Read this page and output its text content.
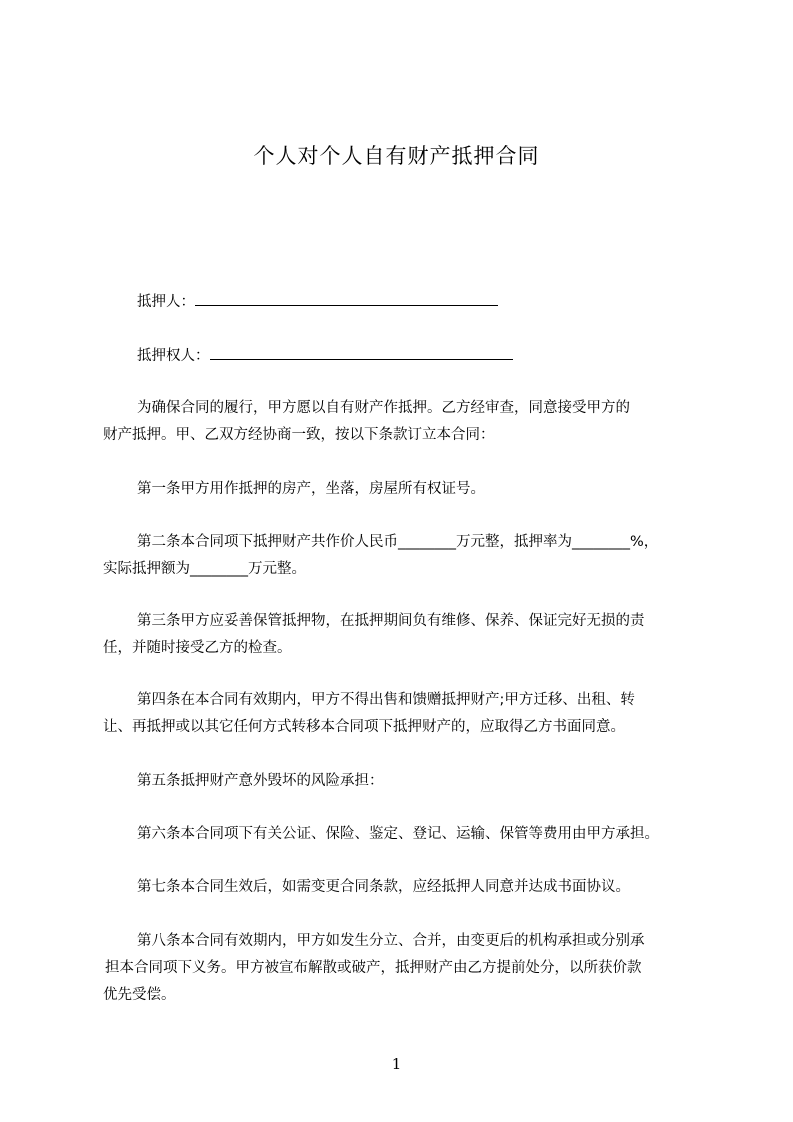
个人对个人自有财产抵押合同
抵押人：
抵押权人：
为确保合同的履行，甲方愿以自有财产作抵押。乙方经审查，同意接受甲方的
财产抵押。甲、乙双方经协商一致，按以下条款订立本合同：
第一条甲方用作抵押的房产，坐落，房屋所有权证号。
第二条本合同项下抵押财产共作价人民币________万元整，抵押率为________%，
实际抵押额为________万元整。
第三条甲方应妥善保管抵押物，在抵押期间负有维修、保养、保证完好无损的责
任，并随时接受乙方的检查。
第四条在本合同有效期内，甲方不得出售和馈赠抵押财产;甲方迁移、出租、转
让、再抵押或以其它任何方式转移本合同项下抵押财产的，应取得乙方书面同意。
第五条抵押财产意外毁坏的风险承担：
第六条本合同项下有关公证、保险、鉴定、登记、运输、保管等费用由甲方承担。
第七条本合同生效后，如需变更合同条款，应经抵押人同意并达成书面协议。
第八条本合同有效期内，甲方如发生分立、合并，由变更后的机构承担或分别承
担本合同项下义务。甲方被宣布解散或破产，抵押财产由乙方提前处分，以所获价款
优先受偿。
1
